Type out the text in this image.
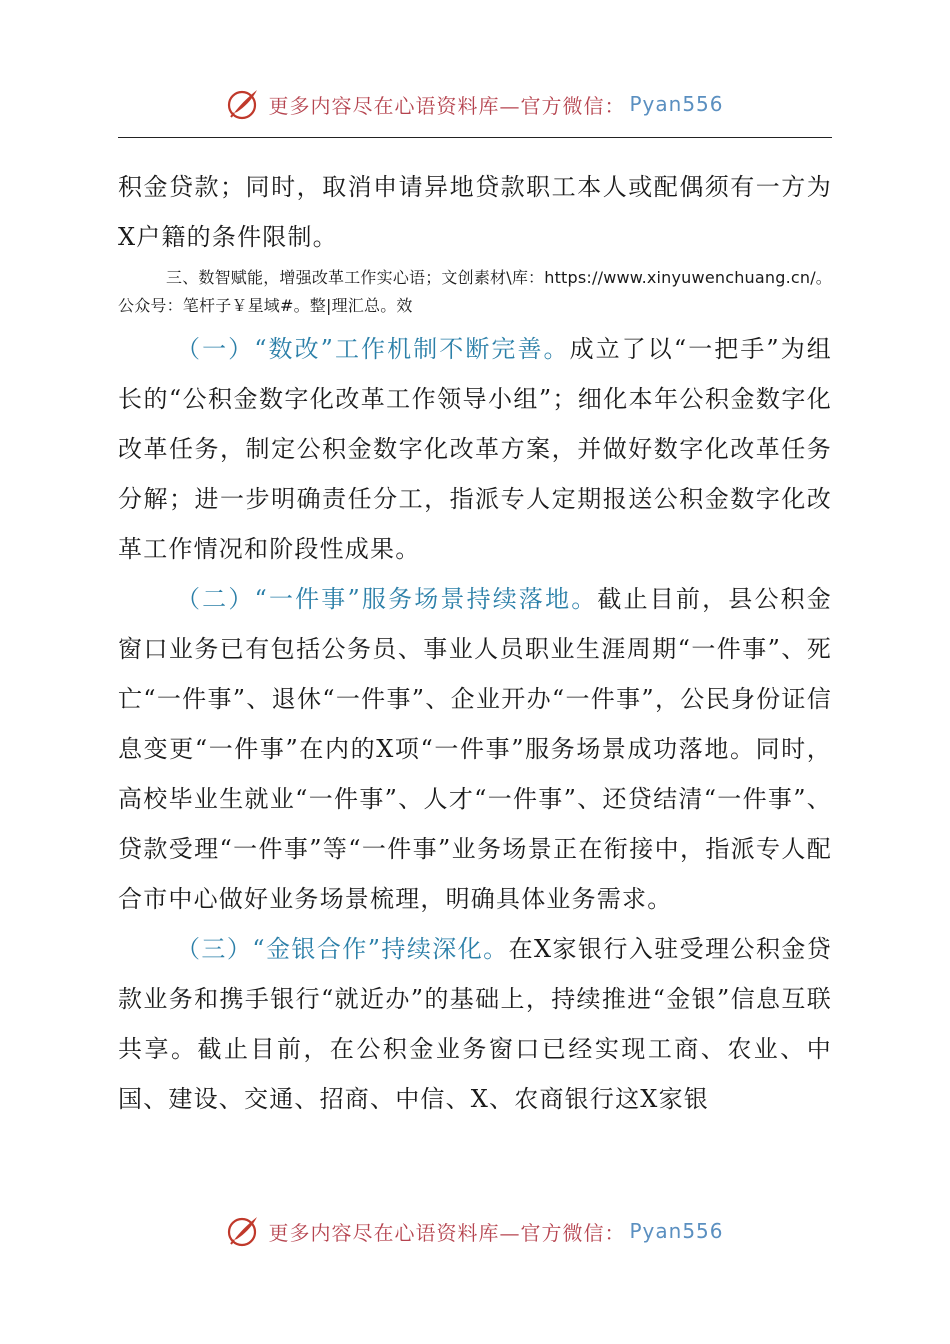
更多内容尽在心语资料库—官方微信： Pyan556

积金贷款；同时，取消申请异地贷款职工本人或配偶须有一方为X户籍的条件限制。

三、数智赋能，增强改革工作实心语；文创素材\库：https://www.xinyuwenchuang.cn/。公众号：笔杆子￥星域#。整|理汇总。效

（一）“数改”工作机制不断完善。成立了以“一把手”为组长的“公积金数字化改革工作领导小组”；细化本年公积金数字化改革任务，制定公积金数字化改革方案，并做好数字化改革任务分解；进一步明确责任分工，指派专人定期报送公积金数字化改革工作情况和阶段性成果。

（二）“一件事”服务场景持续落地。截止目前，县公积金窗口业务已有包括公务员、事业人员职业生涯周期“一件事”、死亡“一件事”、退休“一件事”、企业开办“一件事”，公民身份证信息变更“一件事”在内的X项“一件事”服务场景成功落地。同时，高校毕业生就业“一件事”、人才“一件事”、还贷结清“一件事”、贷款受理“一件事”等“一件事”业务场景正在衔接中，指派专人配合市中心做好业务场景梳理，明确具体业务需求。

（三）“金银合作”持续深化。在X家银行入驻受理公积金贷款业务和携手银行“就近办”的基础上，持续推进“金银”信息互联共享。截止目前，在公积金业务窗口已经实现工商、农业、中国、建设、交通、招商、中信、X、农商银行这X家银

更多内容尽在心语资料库—官方微信： Pyan556
